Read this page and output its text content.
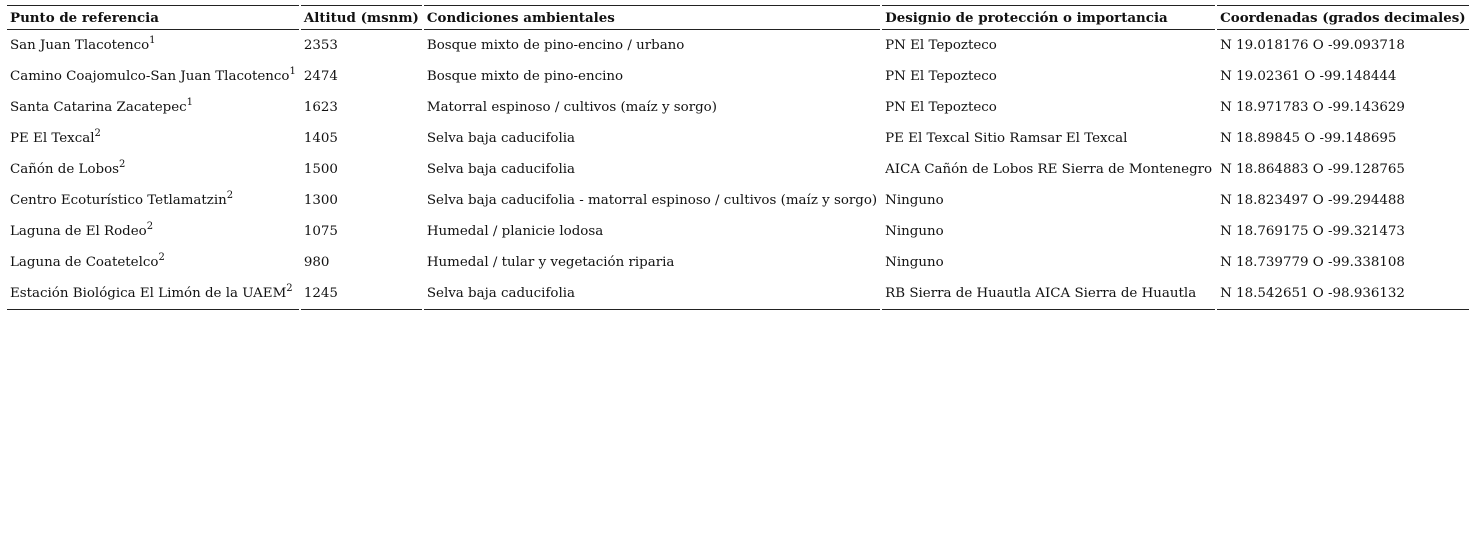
Punto de referencia	Altitud (msnm)	Condiciones ambientales	Designio de protección o importancia	Coordenadas (grados decimales)
San Juan Tlacotenco$^1$	2353	Bosque mixto de pino-encino / urbano	PN El Tepozteco	N 19.018176 O -99.093718
Camino Coajomulco-San Juan Tlacotenco$^1$	2474	Bosque mixto de pino-encino	PN El Tepozteco	N 19.02361 O -99.148444
Santa Catarina Zacatepec$^1$	1623	Matorral espinoso / cultivos (maíz y sorgo)	PN El Tepozteco	N 18.971783 O -99.143629
PE El Texcal$^2$	1405	Selva baja caducifolia	PE El Texcal Sitio Ramsar El Texcal	N 18.89845 O -99.148695
Cañón de Lobos$^2$	1500	Selva baja caducifolia	AICA Cañón de Lobos RE Sierra de Montenegro	N 18.864883 O -99.128765
Centro Ecoturístico Tetlamatzin$^2$	1300	Selva baja caducifolia - matorral espinoso / cultivos (maíz y sorgo)	Ninguno	N 18.823497 O -99.294488
Laguna de El Rodeo$^2$	1075	Humedal / planicie lodosa	Ninguno	N 18.769175 O -99.321473
Laguna de Coatetelco$^2$	980	Humedal / tular y vegetación riparia	Ninguno	N 18.739779 O -99.338108
Estación Biológica El Limón de la UAEM$^2$	1245	Selva baja caducifolia	RB Sierra de Huautla AICA Sierra de Huautla	N 18.542651 O -98.936132
